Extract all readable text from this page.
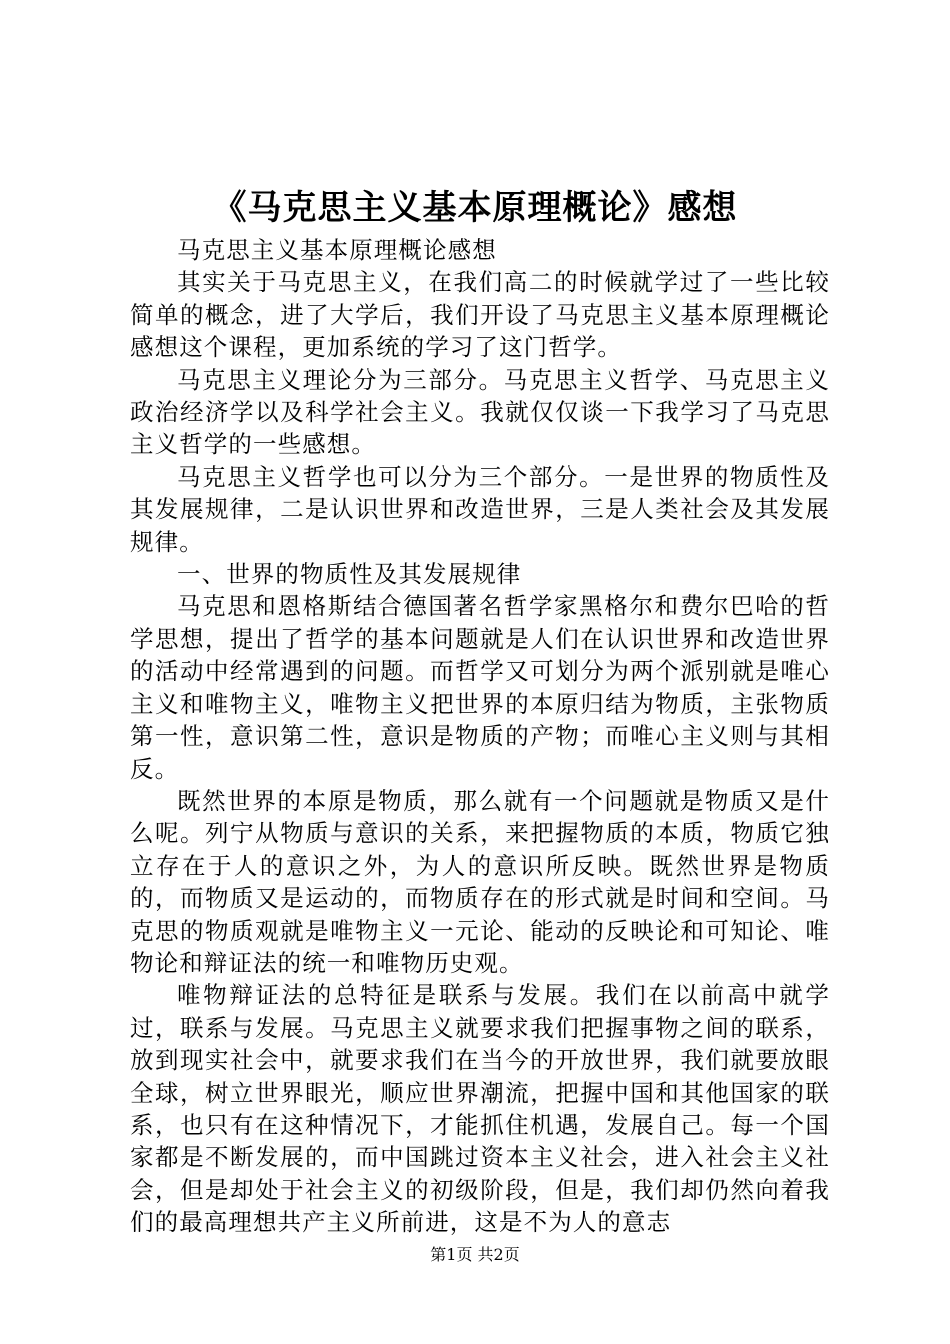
《马克思主义基本原理概论》感想

马克思主义基本原理概论感想

其实关于马克思主义，在我们高二的时候就学过了一些比较简单的概念，进了大学后，我们开设了马克思主义基本原理概论感想这个课程，更加系统的学习了这门哲学。

马克思主义理论分为三部分。马克思主义哲学、马克思主义政治经济学以及科学社会主义。我就仅仅谈一下我学习了马克思主义哲学的一些感想。

马克思主义哲学也可以分为三个部分。一是世界的物质性及其发展规律，二是认识世界和改造世界，三是人类社会及其发展规律。

一、世界的物质性及其发展规律

马克思和恩格斯结合德国著名哲学家黑格尔和费尔巴哈的哲学思想，提出了哲学的基本问题就是人们在认识世界和改造世界的活动中经常遇到的问题。而哲学又可划分为两个派别就是唯心主义和唯物主义，唯物主义把世界的本原归结为物质，主张物质第一性，意识第二性，意识是物质的产物；而唯心主义则与其相反。

既然世界的本原是物质，那么就有一个问题就是物质又是什么呢。列宁从物质与意识的关系，来把握物质的本质，物质它独立存在于人的意识之外，为人的意识所反映。既然世界是物质的，而物质又是运动的，而物质存在的形式就是时间和空间。马克思的物质观就是唯物主义一元论、能动的反映论和可知论、唯物论和辩证法的统一和唯物历史观。

唯物辩证法的总特征是联系与发展。我们在以前高中就学过，联系与发展。马克思主义就要求我们把握事物之间的联系，放到现实社会中，就要求我们在当今的开放世界，我们就要放眼全球，树立世界眼光，顺应世界潮流，把握中国和其他国家的联系，也只有在这种情况下，才能抓住机遇，发展自己。每一个国家都是不断发展的，而中国跳过资本主义社会，进入社会主义社会，但是却处于社会主义的初级阶段，但是，我们却仍然向着我们的最高理想共产主义所前进，这是不为人的意志

第1页 共2页
